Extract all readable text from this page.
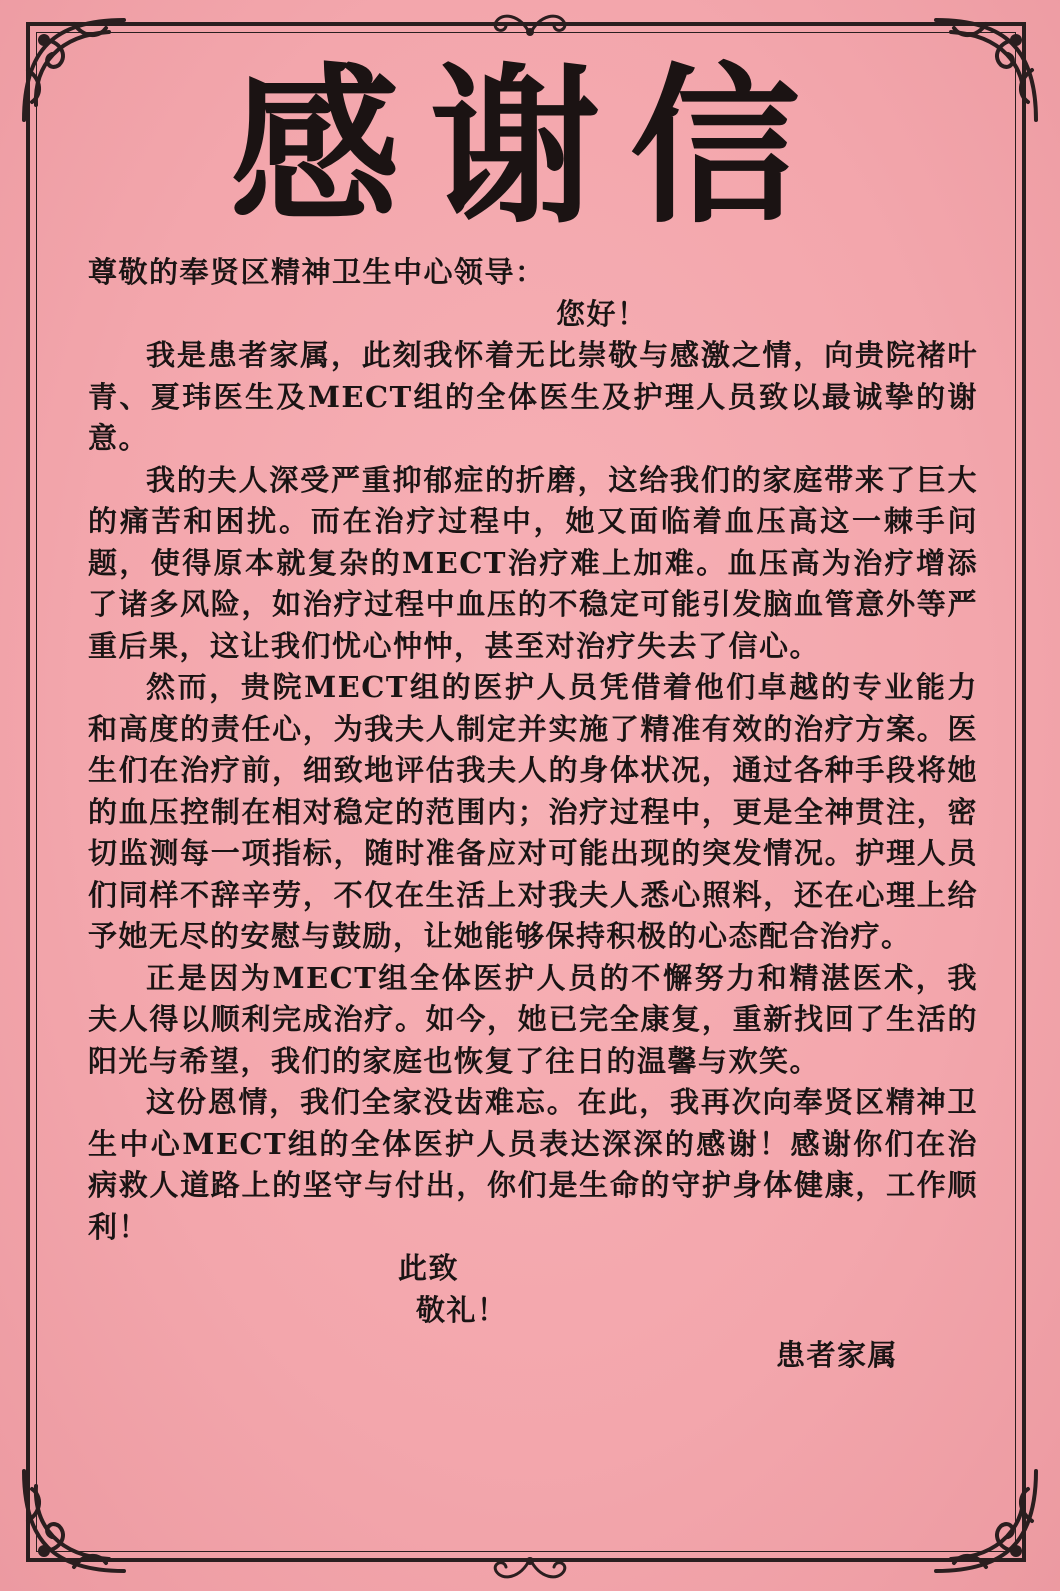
感谢信

尊敬的奉贤区精神卫生中心领导：

您好！

我是患者家属，此刻我怀着无比崇敬与感激之情，向贵院褚叶青、夏玮医生及MECT组的全体医生及护理人员致以最诚挚的谢意。

我的夫人深受严重抑郁症的折磨，这给我们的家庭带来了巨大的痛苦和困扰。而在治疗过程中，她又面临着血压高这一棘手问题，使得原本就复杂的MECT治疗难上加难。血压高为治疗增添了诸多风险，如治疗过程中血压的不稳定可能引发脑血管意外等严重后果，这让我们忧心忡忡，甚至对治疗失去了信心。

然而，贵院MECT组的医护人员凭借着他们卓越的专业能力和高度的责任心，为我夫人制定并实施了精准有效的治疗方案。医生们在治疗前，细致地评估我夫人的身体状况，通过各种手段将她的血压控制在相对稳定的范围内；治疗过程中，更是全神贯注，密切监测每一项指标，随时准备应对可能出现的突发情况。护理人员们同样不辞辛劳，不仅在生活上对我夫人悉心照料，还在心理上给予她无尽的安慰与鼓励，让她能够保持积极的心态配合治疗。

正是因为MECT组全体医护人员的不懈努力和精湛医术，我夫人得以顺利完成治疗。如今，她已完全康复，重新找回了生活的阳光与希望，我们的家庭也恢复了往日的温馨与欢笑。

这份恩情，我们全家没齿难忘。在此，我再次向奉贤区精神卫生中心MECT组的全体医护人员表达深深的感谢！感谢你们在治病救人道路上的坚守与付出，你们是生命的守护身体健康，工作顺利！

此致

敬礼！

患者家属
